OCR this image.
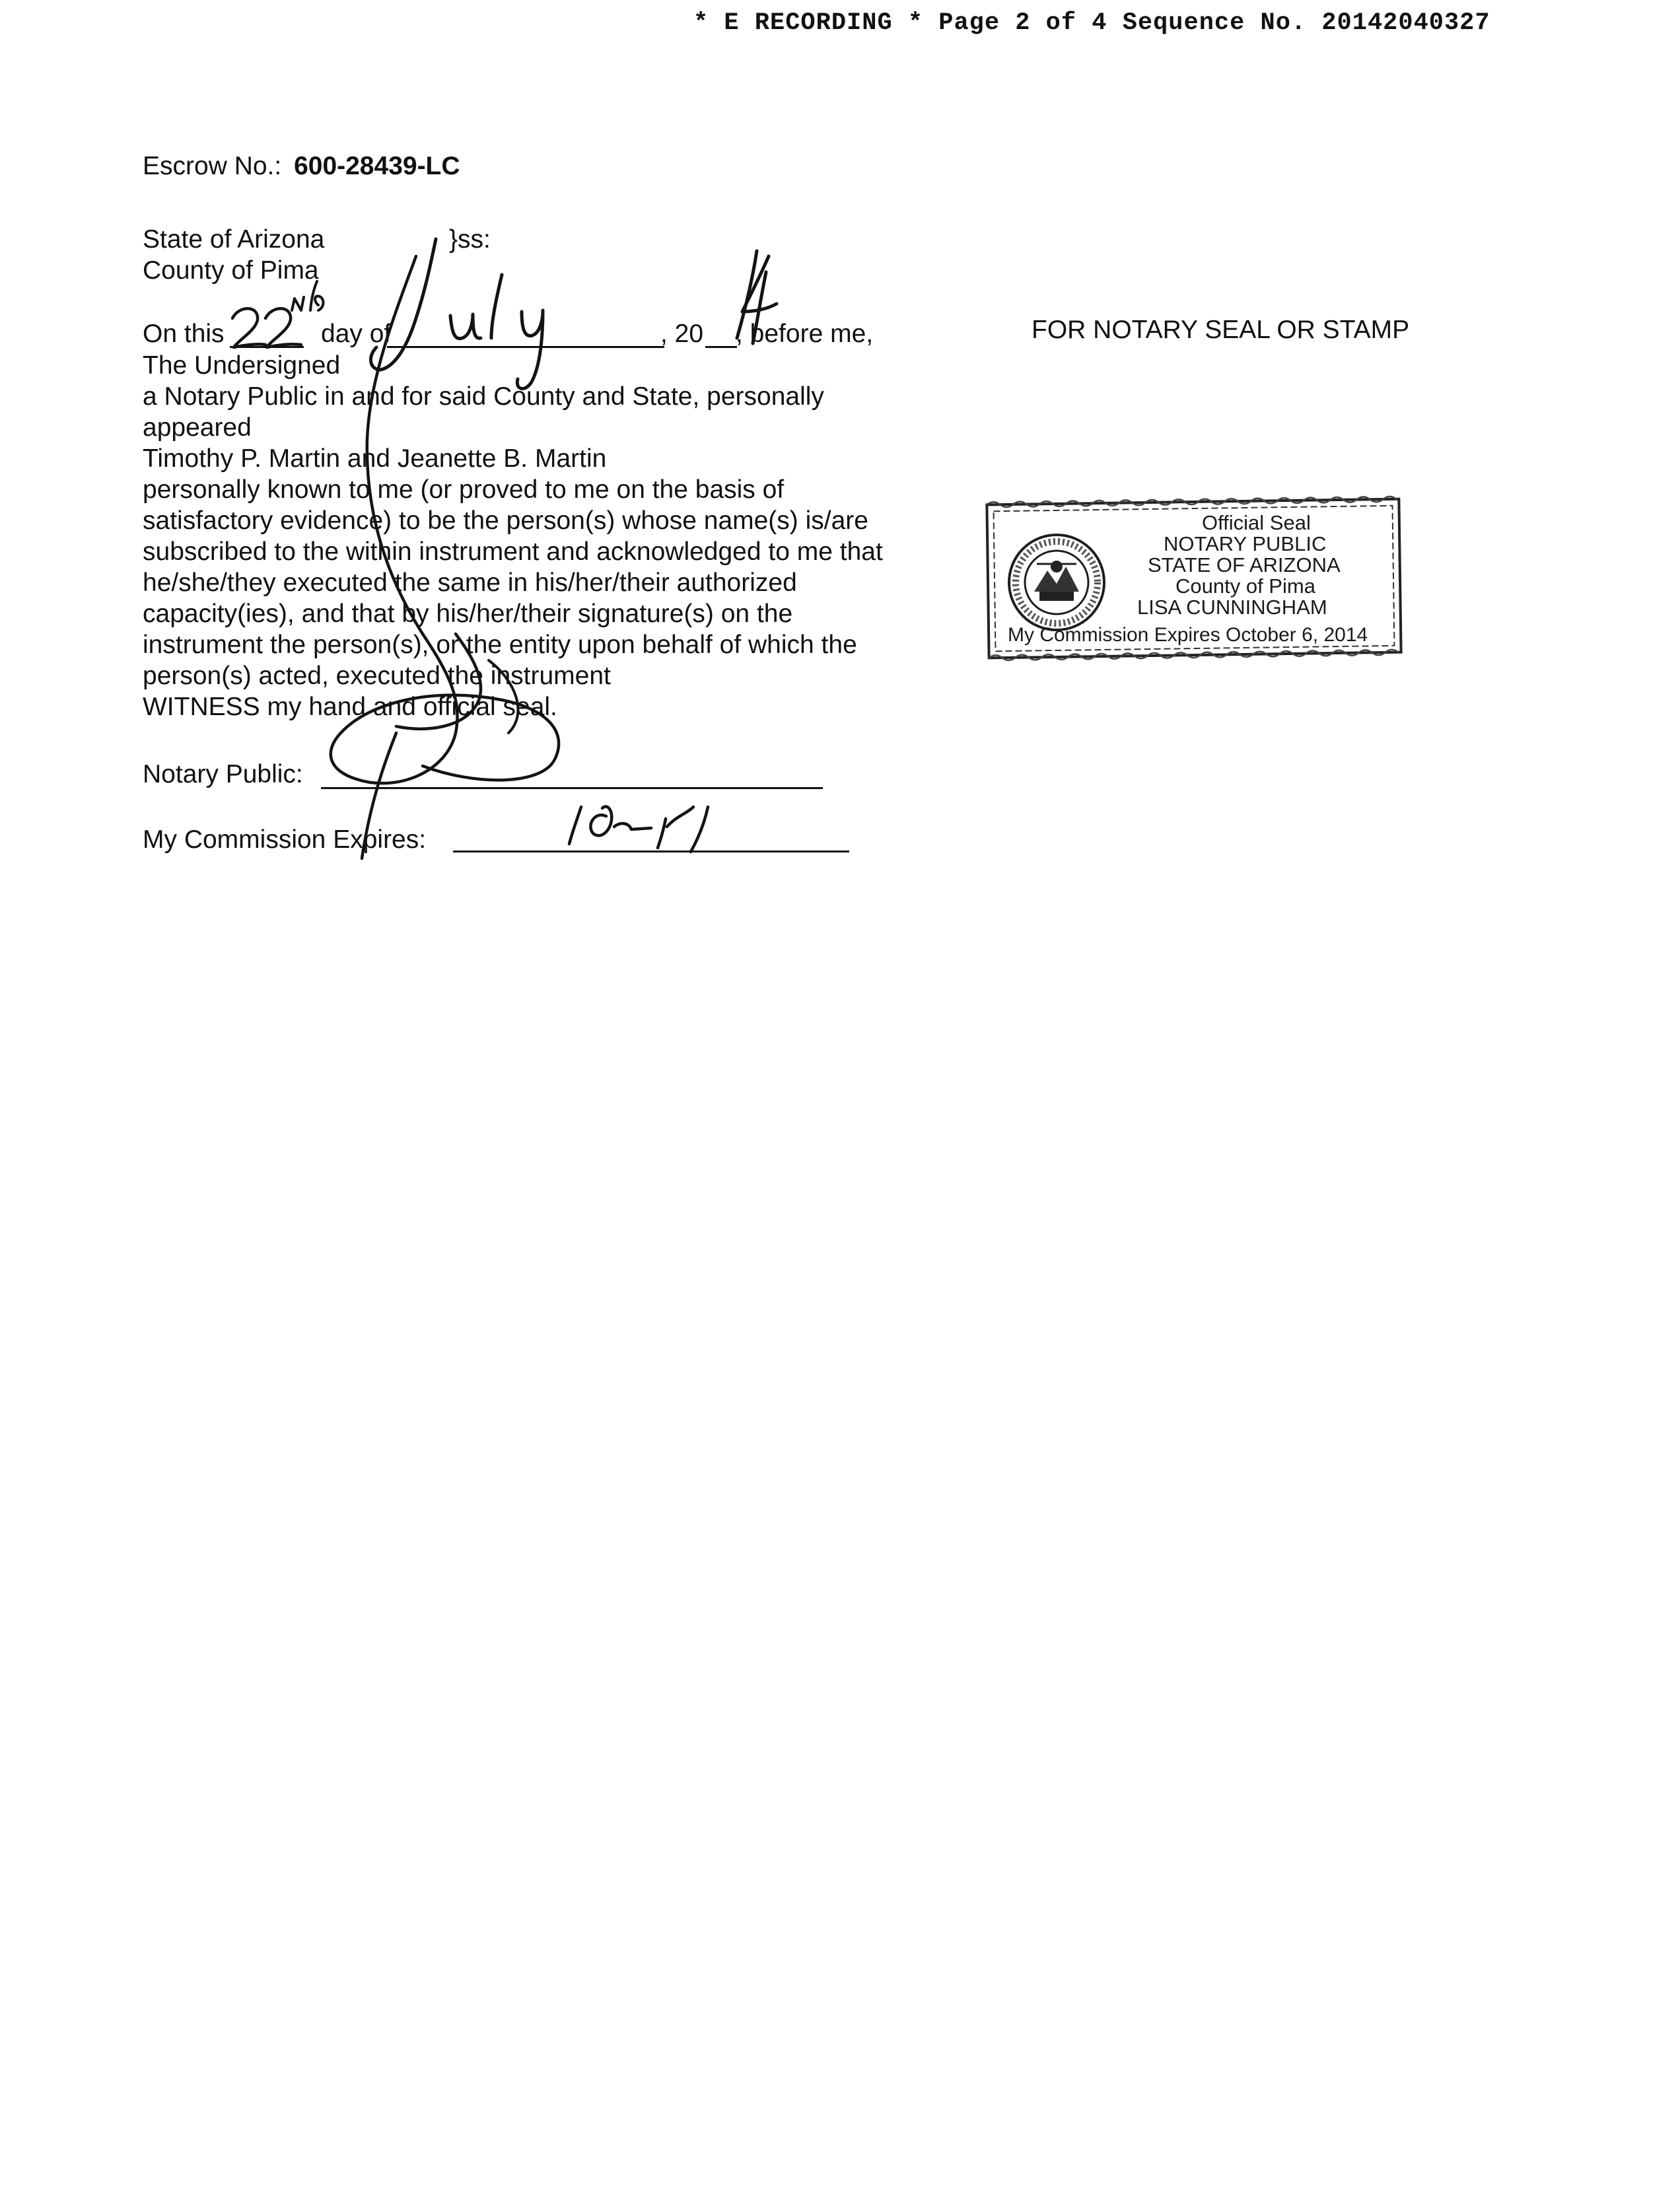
* E RECORDING * Page 2 of 4 Sequence No. 20142040327
Escrow No.: 600-28439-LC
State of Arizona	}ss:
County of Pima
On this	day of	, 20 , before me,
The Undersigned
a Notary Public in and for said County and State, personally
appeared
Timothy P. Martin and Jeanette B. Martin
personally known to me (or proved to me on the basis of
satisfactory evidence) to be the person(s) whose name(s) is/are
subscribed to the within instrument and acknowledged to me that
he/she/they executed the same in his/her/their authorized
capacity(ies), and that by his/her/their signature(s) on the
instrument the person(s), or the entity upon behalf of which the
person(s) acted, executed the instrument
WITNESS my hand and official seal.
Notary Public:
My Commission Expires:
FOR NOTARY SEAL OR STAMP
Official Seal
NOTARY PUBLIC
STATE OF ARIZONA
County of Pima
LISA CUNNINGHAM
My Commission Expires October 6, 2014
